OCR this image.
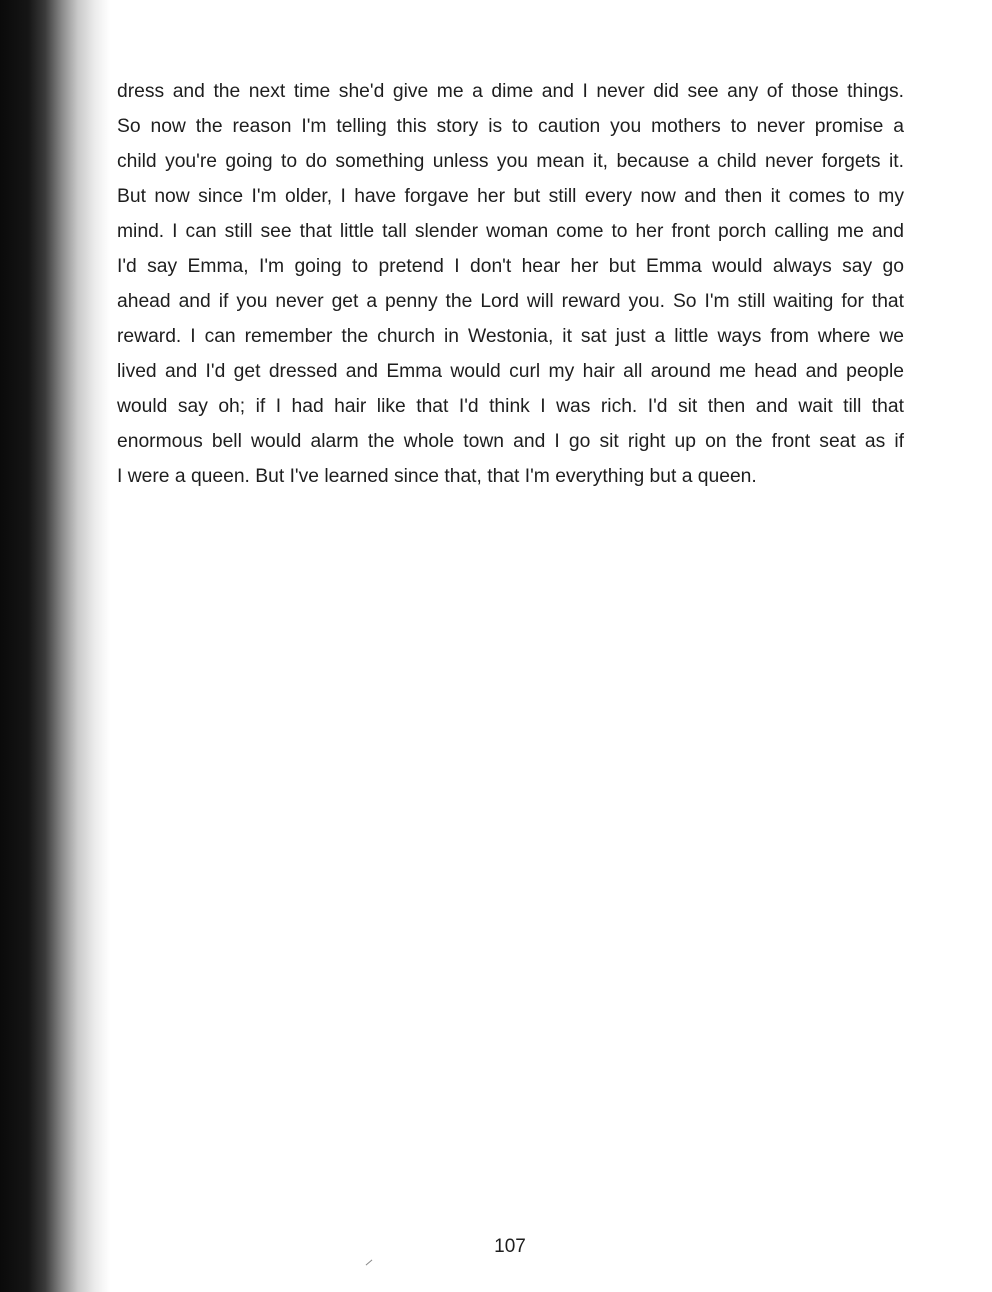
dress and the next time she'd give me a dime and I never did see any of those things.
So now the reason I'm telling this story is to caution you mothers to never promise a
child you're going to do something unless you mean it, because a child never forgets it.
But now since I'm older, I have forgave her but still every now and then it comes to my
mind. I can still see that little tall slender woman come to her front porch calling me and
I'd say Emma, I'm going to pretend I don't hear her but Emma would always say go
ahead and if you never get a penny the Lord will reward you. So I'm still waiting for that
reward. I can remember the church in Westonia, it sat just a little ways from where we
lived and I'd get dressed and Emma would curl my hair all around me head and people
would say oh; if I had hair like that I'd think I was rich. I'd sit then and wait till that
enormous bell would alarm the whole town and I go sit right up on the front seat as if
I were a queen. But I've learned since that, that I'm everything but a queen.
107
